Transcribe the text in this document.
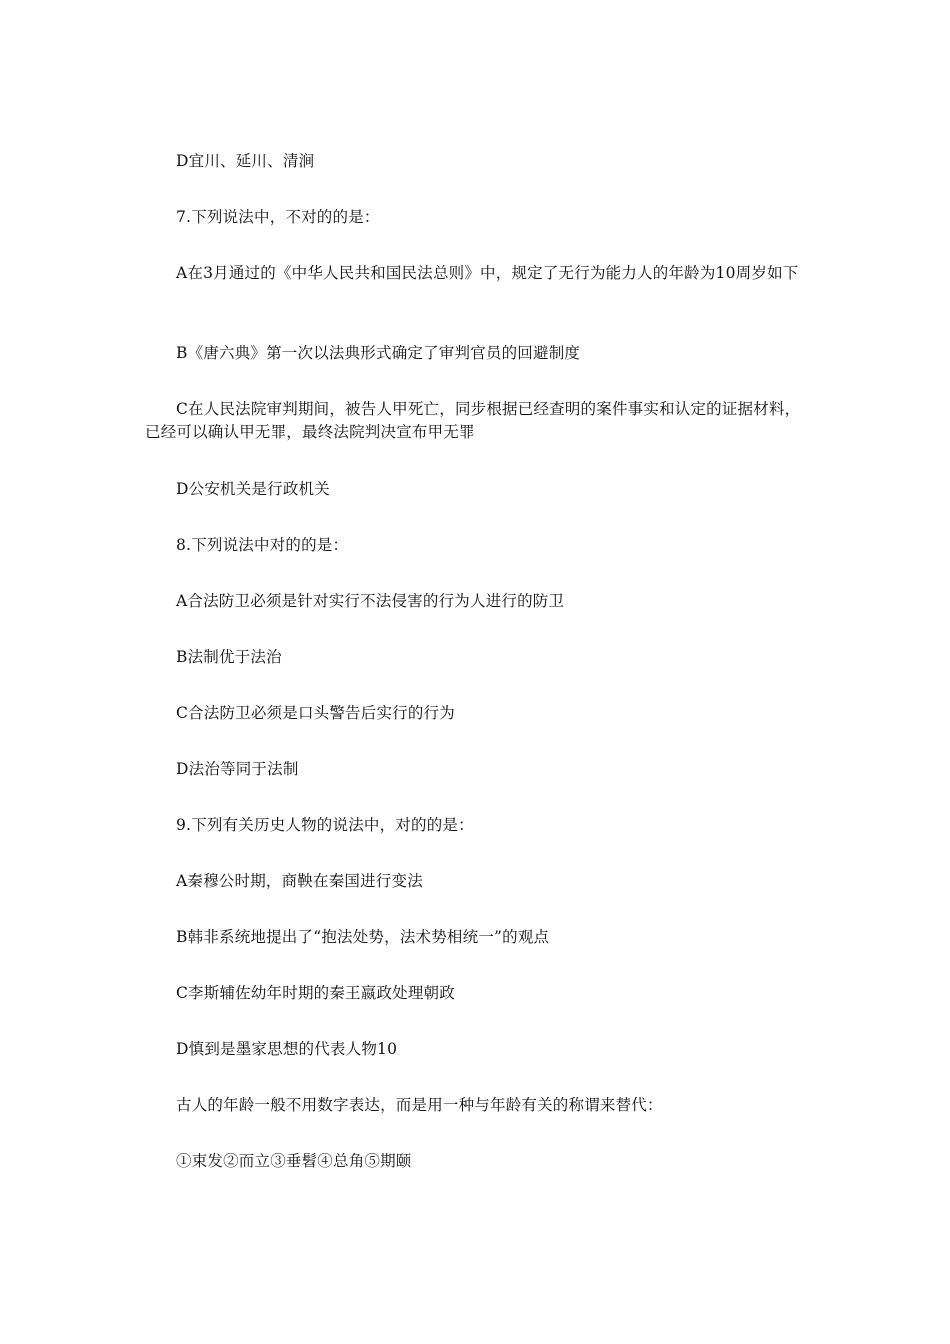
D宜川、延川、清涧

7.下列说法中，不对的的是：

A在3月通过的《中华人民共和国民法总则》中，规定了无行为能力人的年龄为10周岁如下

B《唐六典》第一次以法典形式确定了审判官员的回避制度

C在人民法院审判期间，被告人甲死亡，同步根据已经查明的案件事实和认定的证据材料，已经可以确认甲无罪，最终法院判决宣布甲无罪

D公安机关是行政机关

8.下列说法中对的的是：

A合法防卫必须是针对实行不法侵害的行为人进行的防卫

B法制优于法治

C合法防卫必须是口头警告后实行的行为

D法治等同于法制

9.下列有关历史人物的说法中，对的的是：

A秦穆公时期，商鞅在秦国进行变法

B韩非系统地提出了“抱法处势，法术势相统一”的观点

C李斯辅佐幼年时期的秦王嬴政处理朝政

D慎到是墨家思想的代表人物10

古人的年龄一般不用数字表达，而是用一种与年龄有关的称谓来替代：

①束发②而立③垂髫④总角⑤期颐
